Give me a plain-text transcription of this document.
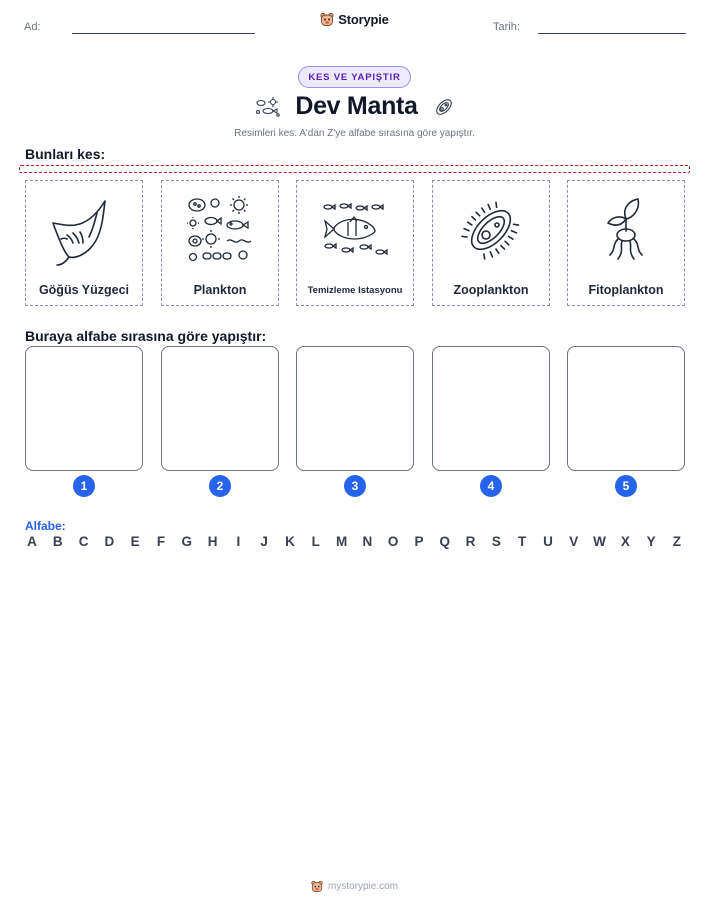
Ad:	Storypie	Tarih:
KES VE YAPIŞTIR
Dev Manta
Resimleri kes. A'dan Z'ye alfabe sırasına göre yapıştır.
Bunları kes:
Göğüs Yüzgeci	Plankton	Temizleme Istasyonu	Zooplankton	Fitoplankton
Buraya alfabe sırasına göre yapıştır:
1	2	3	4	5
Alfabe:
A B C D E F G H	I	J K L M N O P Q R S T U V W X Y Z
mystorypie.com
